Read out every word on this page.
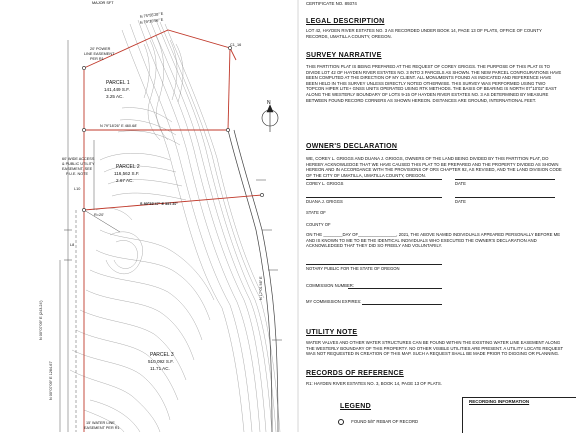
N
PARCEL 1
141,449 S.F.
3.25 AC.
PARCEL 2
116,562 S.F.
2.67 AC.
PARCEL 3
510,092 S.F.
11.71 AC.
20' POWER
LINE EASEMENT
PER R1
60' WIDE ACCESS
& PUBLIC UTILITY
EASEMENT, SEE
P.U.E. NOTE
15' WATER LINE
EASEMENT PER R1
N 79°18'26" E 460.68'
S 80°53'47" E 557.57'
N 75°55'28" E
N 79°20'56" E
N 00°07'09" E (243.24')
N 00°07'09" E 1264.67'
N 17°01'46" E
C1_16
L8
L10
R=20'
MAJOR SFT	CERTIFICATE NO. 89374
LEGAL DESCRIPTION
LOT 42, HAYDEN RIVER ESTATES NO. 3 AS RECORDED UNDER BOOK 14, PAGE 13 OF PLATS, OFFICE OF COUNTY RECORDS, UMATILLA COUNTY, OREGON.
SURVEY NARRATIVE
THIS PARTITION PLAT IS BEING PREPARED AT THE REQUEST OF COREY GRIGGS. THE PURPOSE OF THIS PLAT IS TO DIVIDE LOT 42 OF HAYDEN RIVER ESTATES NO. 3 INTO 3 PARCELS AS SHOWN. THE NEW PARCEL CONFIGURATIONS HAVE BEEN COMPUTED AT THE DIRECTION OF MY CLIENT. ALL MONUMENTS FOUND AS INDICATED AND REFERENCE HAVE BEEN HELD IN THIS SURVEY UNLESS DIRECTLY NOTED OTHERWISE. THIS SURVEY WAS PERFORMED USING TWO TOPCON HIPER LITE+ GNSS UNITS OPERATED USING RTK METHODS. THE BASIS OF BEARING IS NORTH 07°10'02" EAST ALONG THE WESTERLY BOUNDARY OF LOTS 9-15 OF HAYDEN RIVER ESTATES NO. 3 AS DETERMINED BY MEASURE BETWEEN FOUND RECORD CORNERS AS SHOWN HEREON. DISTANCES ARE GROUND, INTERNATIONAL FEET.
OWNER'S DECLARATION
WE, COREY L. GRIGGS AND DUANA J. GRIGGS, OWNERS OF THE LAND BEING DIVIDED BY THIS PARTITION PLAT, DO HEREBY ACKNOWLEDGE THAT WE HAVE CAUSED THIS PLAT TO BE PREPARED AND THE PROPERTY DIVIDED AS SHOWN HEREON AND IN ACCORDANCE WITH THE PROVISIONS OF ORS CHAPTER 92, AS REVISED, AND THE LAND DIVISION CODE OF THE CITY OF UMATILLA, UMATILLA COUNTY, OREGON.
COREY L. GRIGGS	DATE
DUANA J. GRIGGS	DATE
STATE OF
COUNTY OF
ON THE ________DAY OF________________, 2021, THE ABOVE NAMED INDIVIDUALS APPEARED PERSONALLY BEFORE ME AND IS KNOWN TO ME TO BE THE IDENTICAL INDIVIDUALS WHO EXECUTED THE OWNER'S DECLARATION AND ACKNOWLEDGED THAT THEY DID SO FREELY AND VOLUNTARILY.
NOTARY PUBLIC FOR THE STATE OF OREGON
COMMISSION NUMBER:
MY COMMISSION EXPIRES:
UTILITY NOTE
WATER VALVES AND OTHER WATER STRUCTURES CAN BE FOUND WITHIN THE EXISTING WATER LINE EASEMENT ALONG THE WESTERLY BOUNDARY OF THIS PROPERTY. NO OTHER VISIBLE UTILITIES ARE PRESENT. A UTILITY LOCATE REQUEST WAS NOT REQUESTED IN CREATION OF THIS MAP. SUCH A REQUEST SHALL BE MADE PRIOR TO DIGGING OR PLANNING.
RECORDS OF REFERENCE
R1: HAYDEN RIVER ESTATES NO. 3, BOOK 14, PAGE 13 OF PLATS.
LEGEND
FOUND 5/8" REBAR OF RECORD
RECORDING INFORMATION
